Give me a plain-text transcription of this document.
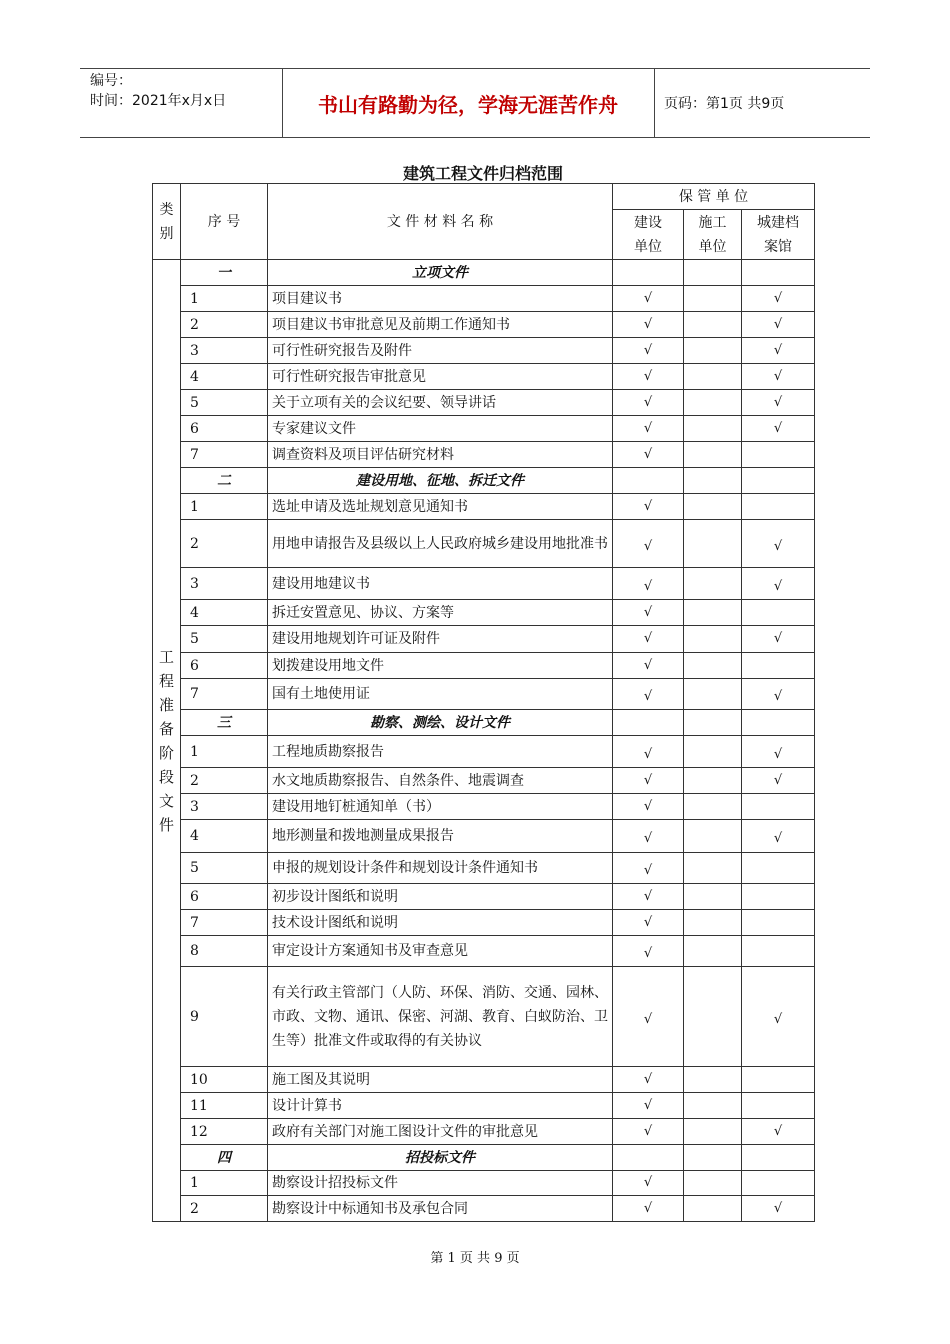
编号：
时间：2021年x月x日	书山有路勤为径，学海无涯苦作舟	页码：第1页 共9页
建筑工程文件归档范围
类别	序 号	文 件 材 料 名 称	保 管 单 位		
			建设单位	施工单位	城建档案馆
工程准备阶段文件	一	立项文件			
	1	项目建议书	√		√
	2	项目建议书审批意见及前期工作通知书	√		√
	3	可行性研究报告及附件	√		√
	4	可行性研究报告审批意见	√		√
	5	关于立项有关的会议纪要、领导讲话	√		√
	6	专家建议文件	√		√
	7	调查资料及项目评估研究材料	√		
	二	建设用地、征地、拆迁文件			
	1	选址申请及选址规划意见通知书	√		
	2	用地申请报告及县级以上人民政府城乡建设用地批准书	√		√
	3	建设用地建议书	√		√
	4	拆迁安置意见、协议、方案等	√		
	5	建设用地规划许可证及附件	√		√
	6	划拨建设用地文件	√		
	7	国有土地使用证	√		√
	三	勘察、测绘、设计文件			
	1	工程地质勘察报告	√		√
	2	水文地质勘察报告、自然条件、地震调查	√		√
	3	建设用地钉桩通知单（书）	√		
	4	地形测量和拨地测量成果报告	√		√
	5	申报的规划设计条件和规划设计条件通知书	√		
	6	初步设计图纸和说明	√		
	7	技术设计图纸和说明	√		
	8	审定设计方案通知书及审查意见	√		
	9	有关行政主管部门（人防、环保、消防、交通、园林、市政、文物、通讯、保密、河湖、教育、白蚁防治、卫生等）批准文件或取得的有关协议	√		√
	10	施工图及其说明	√		
	11	设计计算书	√		
	12	政府有关部门对施工图设计文件的审批意见	√		√
	四	招投标文件			
	1	勘察设计招投标文件	√		
	2	勘察设计中标通知书及承包合同	√		√
第 1 页 共 9 页
